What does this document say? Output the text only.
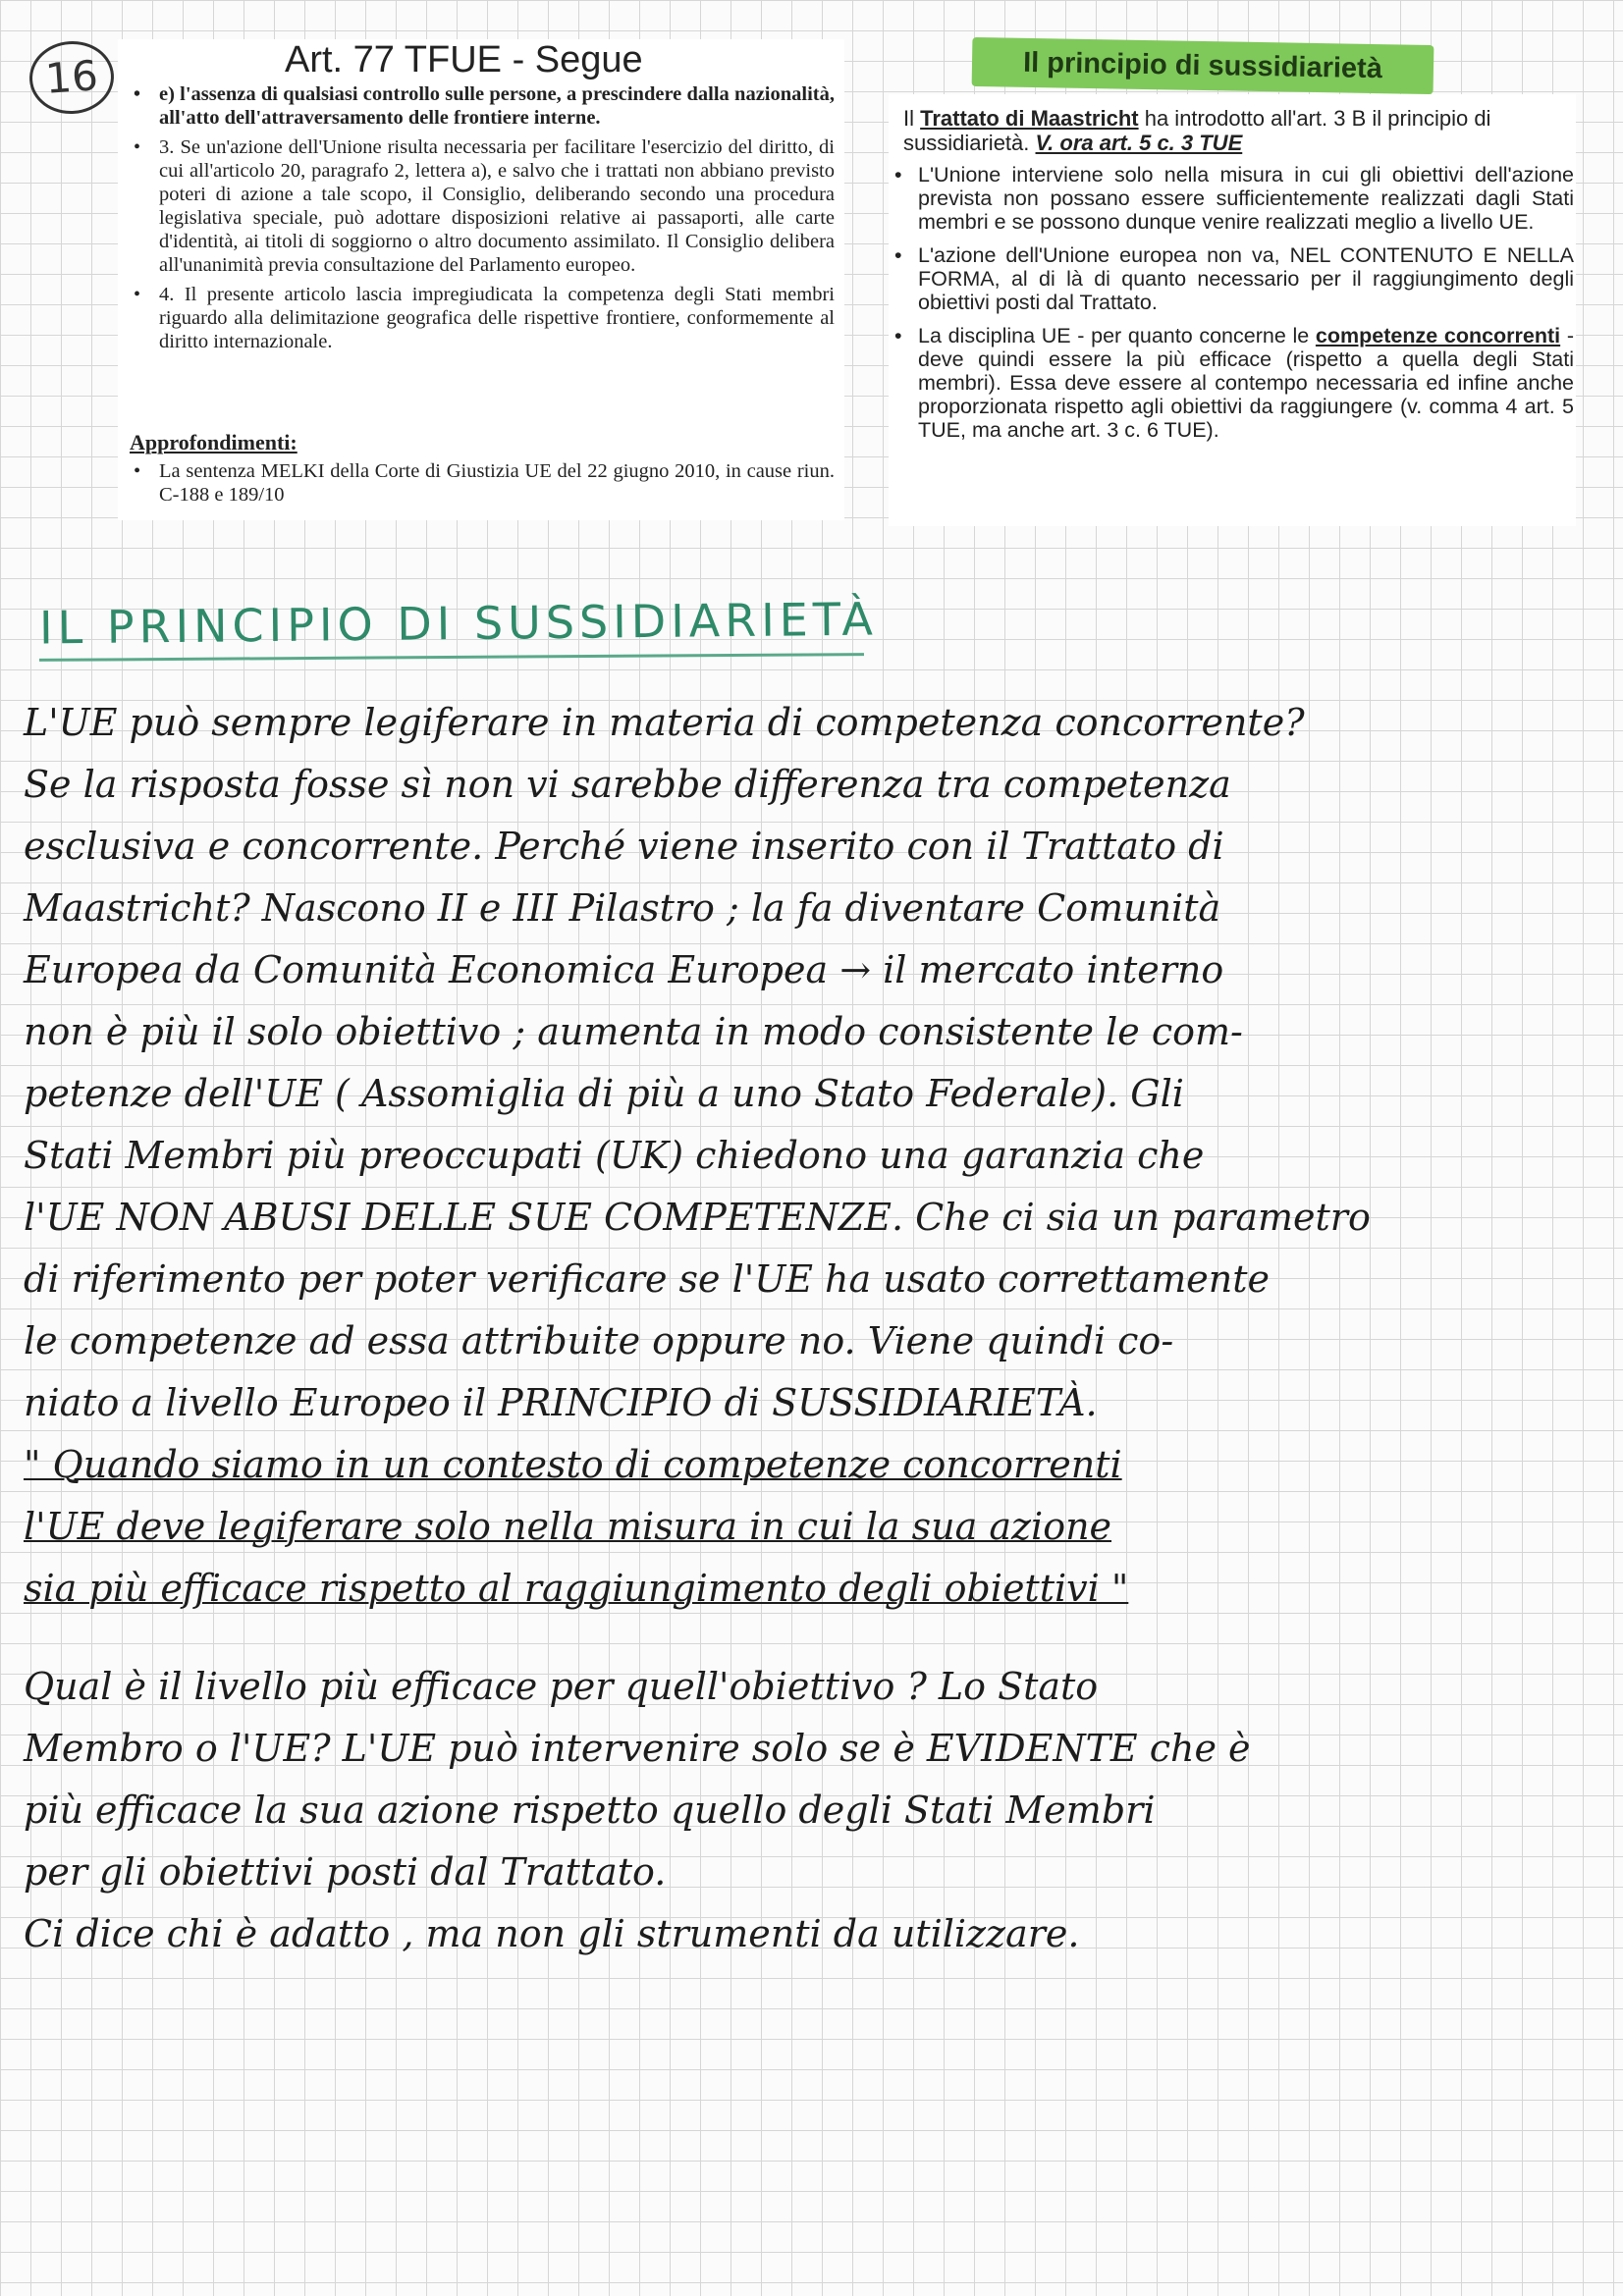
16	Art. 77 TFUE - Segue
• e) l'assenza di qualsiasi controllo sulle persone, a prescindere dalla nazionalità, all'atto dell'attraversamento delle frontiere interne.
• 3. Se un'azione dell'Unione risulta necessaria per facilitare l'esercizio del diritto, di cui all'articolo 20, paragrafo 2, lettera a), e salvo che i trattati non abbiano previsto poteri di azione a tale scopo, il Consiglio, deliberando secondo una procedura legislativa speciale, può adottare disposizioni relative ai passaporti, alle carte d'identità, ai titoli di soggiorno o altro documento assimilato. Il Consiglio delibera all'unanimità previa consultazione del Parlamento europeo.
• 4. Il presente articolo lascia impregiudicata la competenza degli Stati membri riguardo alla delimitazione geografica delle rispettive frontiere, conformemente al diritto internazionale.
Approfondimenti:
• La sentenza MELKI della Corte di Giustizia UE del 22 giugno 2010, in cause riun. C-188 e 189/10
Il principio di sussidiarietà
Il Trattato di Maastricht ha introdotto all'art. 3 B il principio di sussidiarietà. V. ora art. 5 c. 3 TUE
• L'Unione interviene solo nella misura in cui gli obiettivi dell'azione prevista non possano essere sufficientemente realizzati dagli Stati membri e se possono dunque venire realizzati meglio a livello UE.
• L'azione dell'Unione europea non va, NEL CONTENUTO E NELLA FORMA, al di là di quanto necessario per il raggiungimento degli obiettivi posti dal Trattato.
• La disciplina UE - per quanto concerne le competenze concorrenti - deve quindi essere la più efficace (rispetto a quella degli Stati membri). Essa deve essere al contempo necessaria ed infine anche proporzionata rispetto agli obiettivi da raggiungere (v. comma 4 art. 5 TUE, ma anche art. 3 c. 6 TUE).
IL PRINCIPIO DI SUSSIDIARIETÀ
L'UE può sempre legiferare in materia di competenza concorrente?
Se la risposta fosse sì non vi sarebbe differenza tra competenza
esclusiva e concorrente. Perché viene inserito con il Trattato di
Maastricht? Nascono II e III Pilastro ; la fa diventare Comunità
Europea da Comunità Economica Europea → il mercato interno
non è più il solo obiettivo ; aumenta in modo consistente le com-
petenze dell'UE ( Assomiglia di più a uno Stato Federale). Gli
Stati Membri più preoccupati (UK) chiedono una garanzia che
l'UE NON ABUSI DELLE SUE COMPETENZE. Che ci sia un parametro
di riferimento per poter verificare se l'UE ha usato correttamente
le competenze ad essa attribuite oppure no. Viene quindi co-
niato a livello Europeo il PRINCIPIO di SUSSIDIARIETÀ.
" Quando siamo in un contesto di competenze concorrenti
l'UE deve legiferare solo nella misura in cui la sua azione
sia più efficace rispetto al raggiungimento degli obiettivi "
Qual è il livello più efficace per quell'obiettivo ? Lo Stato
Membro o l'UE? L'UE può intervenire solo se è EVIDENTE che è
più efficace la sua azione rispetto quello degli Stati Membri
per gli obiettivi posti dal Trattato.
Ci dice chi è adatto , ma non gli strumenti da utilizzare.
